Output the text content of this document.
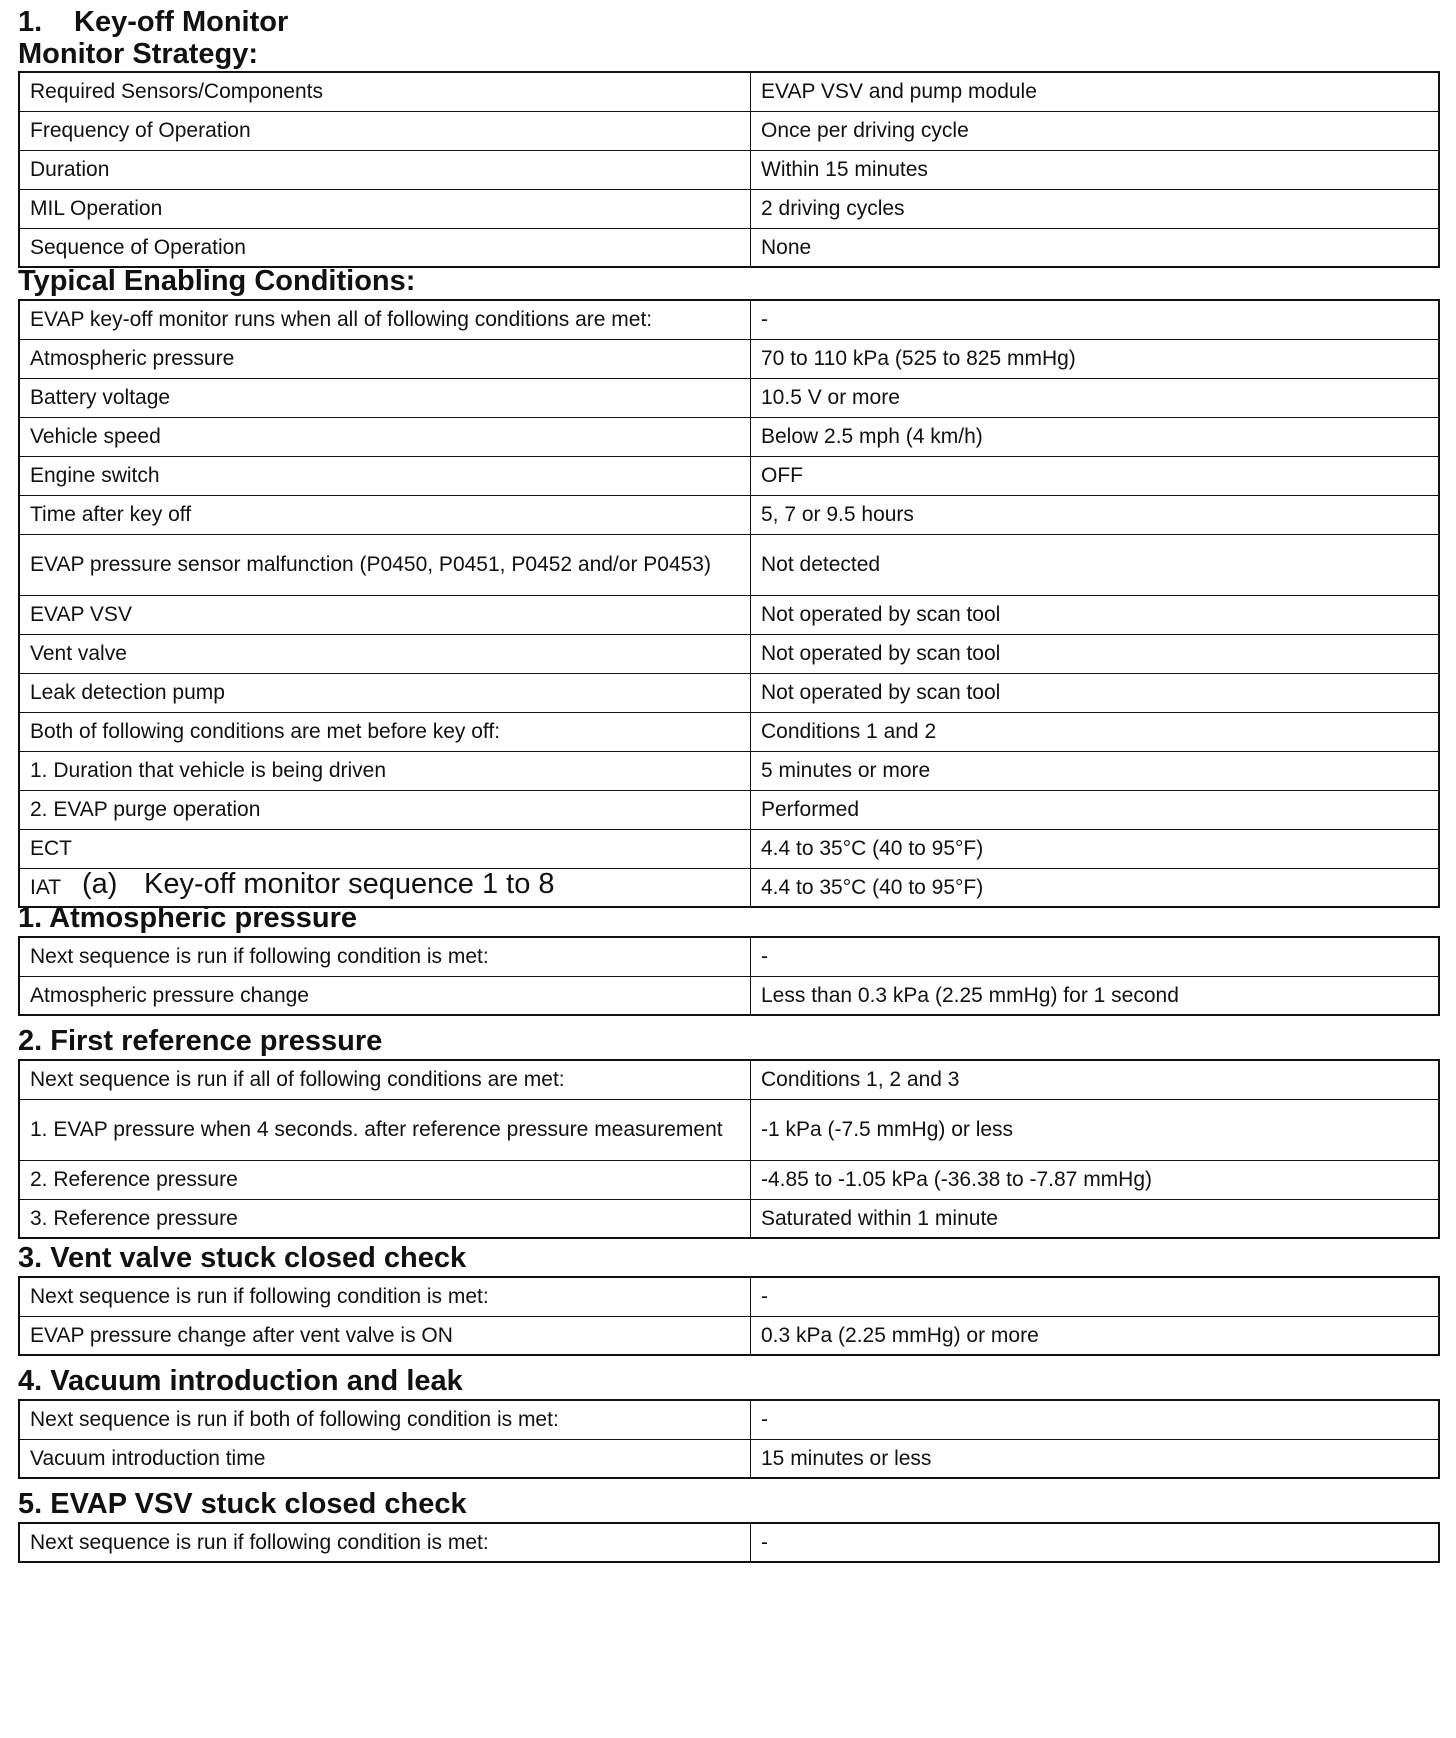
1. Key-off Monitor
Monitor Strategy:
Required Sensors/Components	EVAP VSV and pump module
Frequency of Operation	Once per driving cycle
Duration	Within 15 minutes
MIL Operation	2 driving cycles
Sequence of Operation	None
Typical Enabling Conditions:
EVAP key-off monitor runs when all of following conditions are met:	-
Atmospheric pressure	70 to 110 kPa (525 to 825 mmHg)
Battery voltage	10.5 V or more
Vehicle speed	Below 2.5 mph (4 km/h)
Engine switch	OFF
Time after key off	5, 7 or 9.5 hours
EVAP pressure sensor malfunction (P0450, P0451, P0452 and/or P0453)	Not detected
EVAP VSV	Not operated by scan tool
Vent valve	Not operated by scan tool
Leak detection pump	Not operated by scan tool
Both of following conditions are met before key off:	Conditions 1 and 2
1. Duration that vehicle is being driven	5 minutes or more
2. EVAP purge operation	Performed
ECT	4.4 to 35°C (40 to 95°F)
IAT	4.4 to 35°C (40 to 95°F)
(a) Key-off monitor sequence 1 to 8
1. Atmospheric pressure
Next sequence is run if following condition is met:	-
Atmospheric pressure change	Less than 0.3 kPa (2.25 mmHg) for 1 second
2. First reference pressure
Next sequence is run if all of following conditions are met:	Conditions 1, 2 and 3
1. EVAP pressure when 4 seconds. after reference pressure measurement	-1 kPa (-7.5 mmHg) or less
2. Reference pressure	-4.85 to -1.05 kPa (-36.38 to -7.87 mmHg)
3. Reference pressure	Saturated within 1 minute
3. Vent valve stuck closed check
Next sequence is run if following condition is met:	-
EVAP pressure change after vent valve is ON	0.3 kPa (2.25 mmHg) or more
4. Vacuum introduction and leak
Next sequence is run if both of following condition is met:	-
Vacuum introduction time	15 minutes or less
5. EVAP VSV stuck closed check
Next sequence is run if following condition is met:	-
